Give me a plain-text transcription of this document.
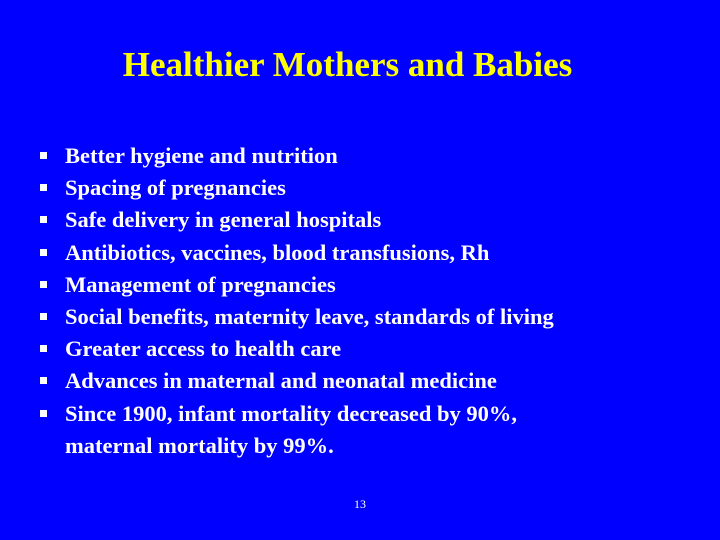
Healthier Mothers and Babies
Better hygiene and nutrition
Spacing of pregnancies
Safe delivery in general hospitals
Antibiotics, vaccines, blood transfusions, Rh
Management of pregnancies
Social benefits, maternity leave, standards of living
Greater access to health care
Advances in maternal and neonatal medicine
Since 1900, infant mortality decreased by 90%,
maternal mortality by 99%.
13
